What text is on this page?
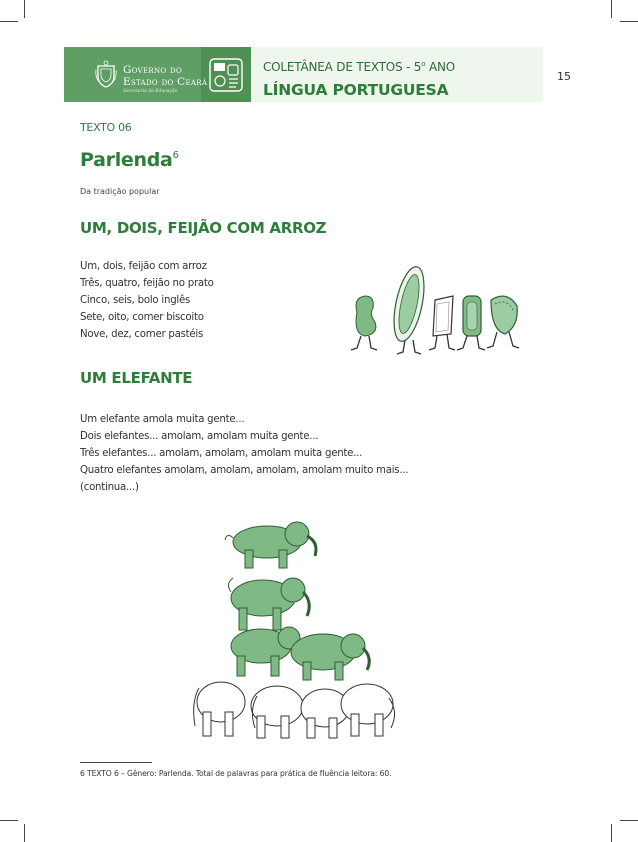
Governo do
Estado do Ceará
Secretaria da Educação
COLETÂNEA DE TEXTOS - 5$^o$ ANO
LÍNGUA PORTUGUESA
15
TEXTO 06
Parlenda$^6$
Da tradição popular
UM, DOIS, FEIJÃO COM ARROZ
Um, dois, feijão com arroz
Três, quatro, feijão no prato
Cinco, seis, bolo inglês
Sete, oito, comer biscoito
Nove, dez, comer pastéis
UM ELEFANTE
Um elefante amola muita gente...
Dois elefantes... amolam, amolam muita gente...
Três elefantes... amolam, amolam, amolam muita gente...
Quatro elefantes amolam, amolam, amolam, amolam muito mais...
(continua...)
6 TEXTO 6 – Gênero: Parlenda. Total de palavras para prática de fluência leitora: 60.
